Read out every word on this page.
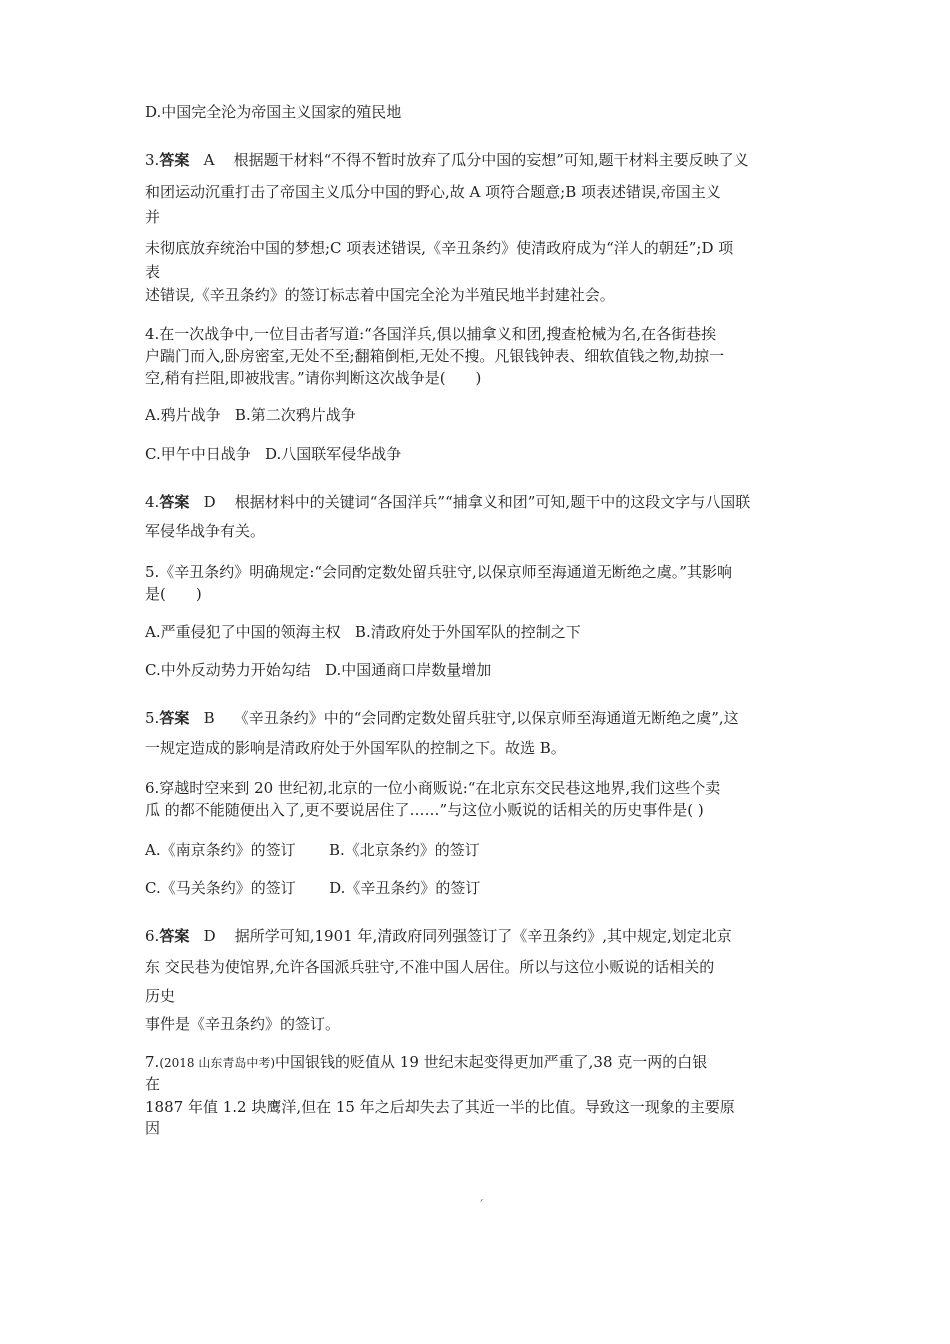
D.中国完全沦为帝国主义国家的殖民地
3.答案 A 根据题干材料“不得不暂时放弃了瓜分中国的妄想”可知,题干材料主要反映了义
和团运动沉重打击了帝国主义瓜分中国的野心,故 A 项符合题意;B 项表述错误,帝国主义
并
未彻底放弃统治中国的梦想;C 项表述错误,《辛丑条约》使清政府成为“洋人的朝廷”;D 项
表
述错误,《辛丑条约》的签订标志着中国完全沦为半殖民地半封建社会。
4.在一次战争中,一位目击者写道:“各国洋兵,俱以捕拿义和团,搜查枪械为名,在各街巷挨
户踹门而入,卧房密室,无处不至;翻箱倒柜,无处不搜。凡银钱钟表、细软值钱之物,劫掠一
空,稍有拦阻,即被戕害。”请你判断这次战争是(　　)
A.鸦片战争 B.第二次鸦片战争
C.甲午中日战争 D.八国联军侵华战争
4.答案 D 根据材料中的关键词“各国洋兵”“捕拿义和团”可知,题干中的这段文字与八国联
军侵华战争有关。
5.《辛丑条约》明确规定:“会同酌定数处留兵驻守,以保京师至海通道无断绝之虞。”其影响
是(　　)
A.严重侵犯了中国的领海主权 B.清政府处于外国军队的控制之下
C.中外反动势力开始勾结 D.中国通商口岸数量增加
5.答案 B 《辛丑条约》中的“会同酌定数处留兵驻守,以保京师至海通道无断绝之虞”,这
一规定造成的影响是清政府处于外国军队的控制之下。故选 B。
6.穿越时空来到 20 世纪初,北京的一位小商贩说:“在北京东交民巷这地界,我们这些个卖
瓜 的都不能随便出入了,更不要说居住了……”与这位小贩说的话相关的历史事件是( )
A.《南京条约》的签订 B.《北京条约》的签订
C.《马关条约》的签订 D.《辛丑条约》的签订
6.答案 D 据所学可知,1901 年,清政府同列强签订了《辛丑条约》,其中规定,划定北京
东 交民巷为使馆界,允许各国派兵驻守,不准中国人居住。所以与这位小贩说的话相关的
历史
事件是《辛丑条约》的签订。
7.(2018 山东青岛中考)中国银钱的贬值从 19 世纪末起变得更加严重了,38 克一两的白银
在
1887 年值 1.2 块鹰洋,但在 15 年之后却失去了其近一半的比值。导致这一现象的主要原
因
ˊ
